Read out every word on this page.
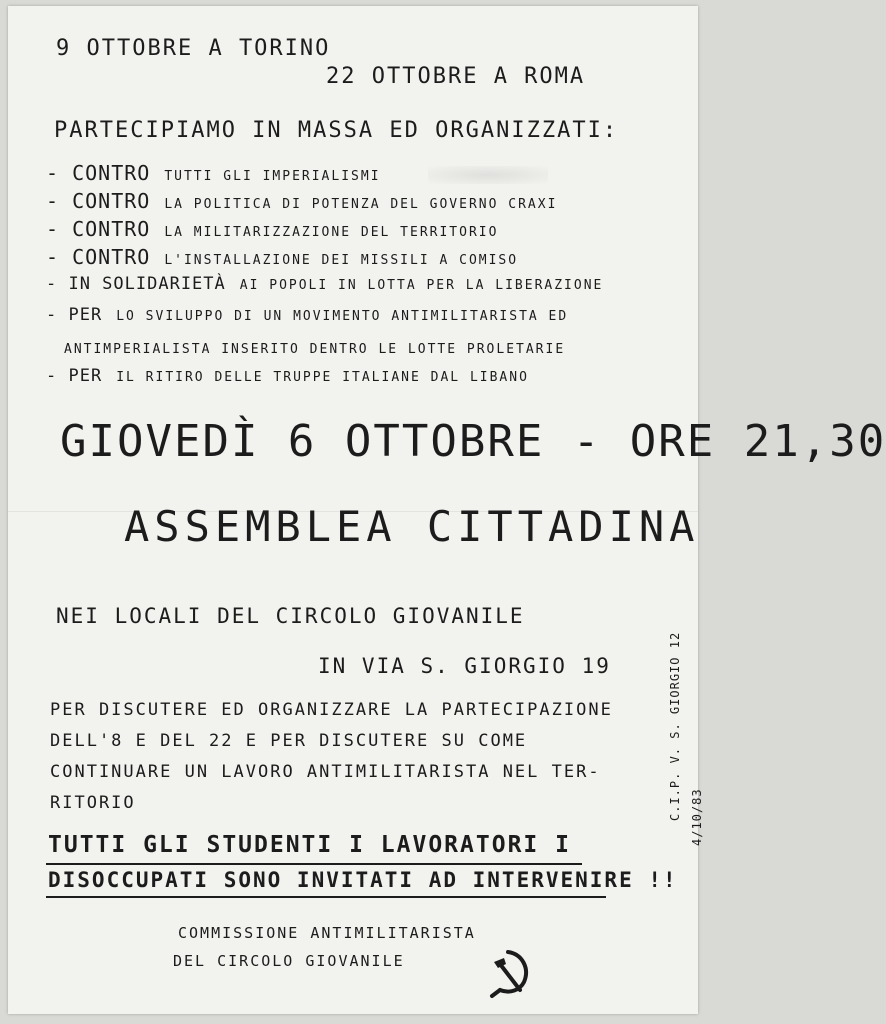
9 OTTOBRE A TORINO
22 OTTOBRE A ROMA
PARTECIPIAMO IN MASSA ED ORGANIZZATI:
- CONTRO TUTTI GLI IMPERIALISMI
- CONTRO LA POLITICA DI POTENZA DEL GOVERNO CRAXI
- CONTRO LA MILITARIZZAZIONE DEL TERRITORIO
- CONTRO L'INSTALLAZIONE DEI MISSILI A COMISO
- IN SOLIDARIETÀ AI POPOLI IN LOTTA PER LA LIBERAZIONE
- PER LO SVILUPPO DI UN MOVIMENTO ANTIMILITARISTA ED
ANTIMPERIALISTA INSERITO DENTRO LE LOTTE PROLETARIE
- PER IL RITIRO DELLE TRUPPE ITALIANE DAL LIBANO
GIOVEDÌ 6 OTTOBRE - ORE 21,30
ASSEMBLEA CITTADINA
NEI LOCALI DEL CIRCOLO GIOVANILE
IN VIA S. GIORGIO 19
PER DISCUTERE ED ORGANIZZARE LA PARTECIPAZIONE
DELL'8 E DEL 22 E PER DISCUTERE SU COME
CONTINUARE UN LAVORO ANTIMILITARISTA NEL TER-
RITORIO
TUTTI GLI STUDENTI I LAVORATORI I
DISOCCUPATI SONO INVITATI AD INTERVENIRE !!
C.I.P. V. S. GIORGIO 12 4/10/83
COMMISSIONE ANTIMILITARISTA
DEL CIRCOLO GIOVANILE
